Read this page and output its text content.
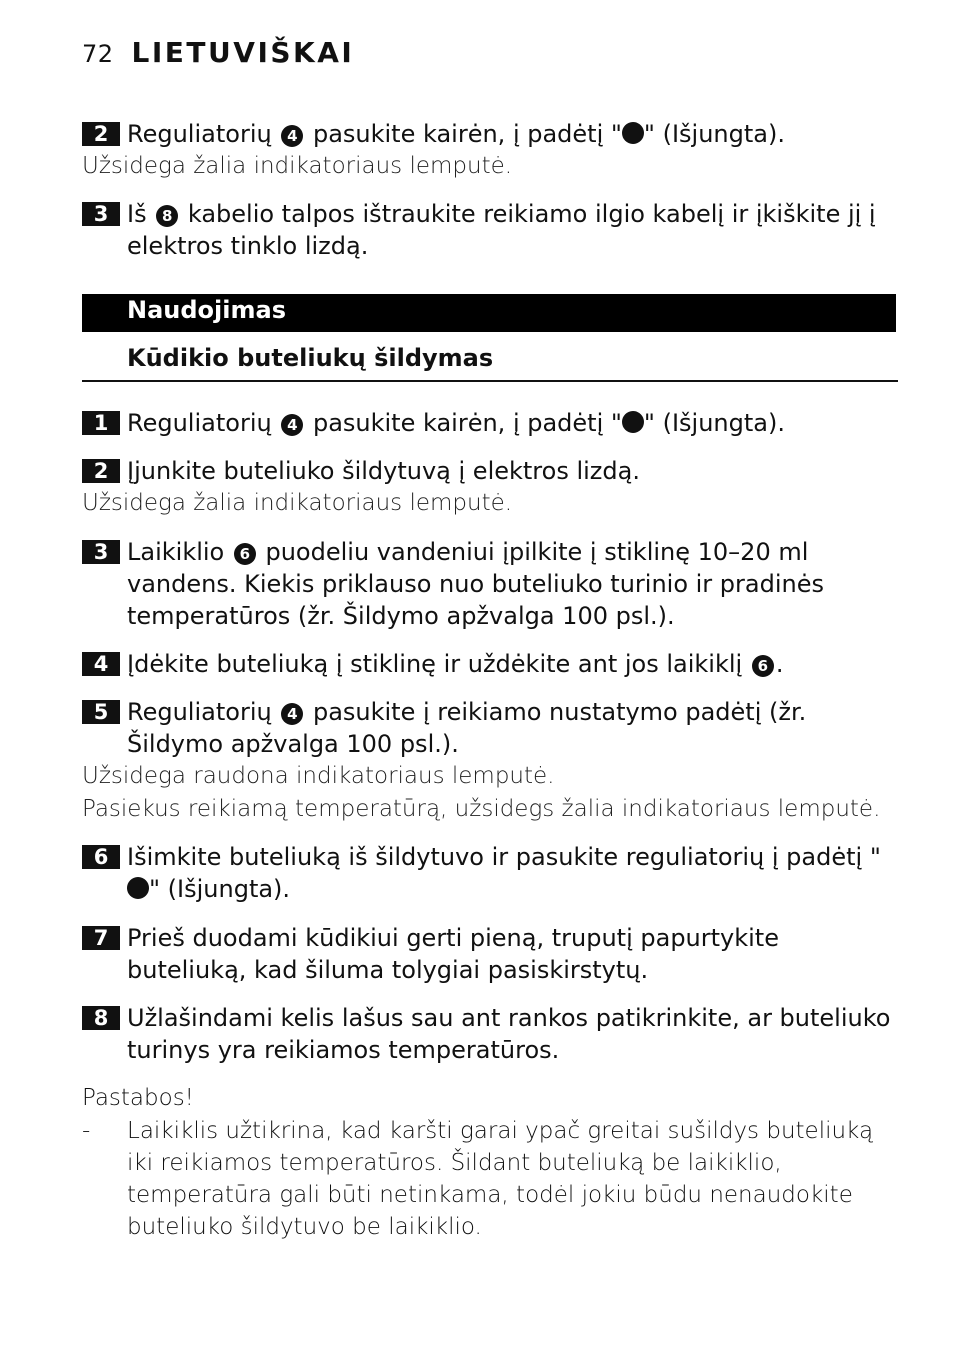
72 LIETUVIŠKAI
2 Reguliatorių 4 pasukite kairėn, į padėtį " " (Išjungta).
Užsidega žalia indikatoriaus lemputė.
3 Iš 8 kabelio talpos ištraukite reikiamo ilgio kabelį ir įkiškite jį į elektros tinklo lizdą.
Naudojimas
Kūdikio buteliukų šildymas
1 Reguliatorių 4 pasukite kairėn, į padėtį " " (Išjungta).
2 Įjunkite buteliuko šildytuvą į elektros lizdą.
Užsidega žalia indikatoriaus lemputė.
3 Laikiklio 6 puodeliu vandeniui įpilkite į stiklinę 10–20 ml vandens. Kiekis priklauso nuo buteliuko turinio ir pradinės temperatūros (žr. Šildymo apžvalga 100 psl.).
4 Įdėkite buteliuką į stiklinę ir uždėkite ant jos laikiklį 6 .
5 Reguliatorių 4 pasukite į reikiamo nustatymo padėtį (žr. Šildymo apžvalga 100 psl.).
Užsidega raudona indikatoriaus lemputė.
Pasiekus reikiamą temperatūrą, užsidegs žalia indikatoriaus lemputė.
6 Išimkite buteliuką iš šildytuvo ir pasukite reguliatorių į padėtį "" (Išjungta).
7 Prieš duodami kūdikiui gerti pieną, truputį papurtykite buteliuką, kad šiluma tolygiai pasiskirstytų.
8 Užlašindami kelis lašus sau ant rankos patikrinkite, ar buteliuko turinys yra reikiamos temperatūros.
Pastabos!
-	Laikiklis užtikrina, kad karšti garai ypač greitai sušildys buteliuką iki reikiamos temperatūros. Šildant buteliuką be laikiklio, temperatūra gali būti netinkama, todėl jokiu būdu nenaudokite buteliuko šildytuvo be laikiklio.
